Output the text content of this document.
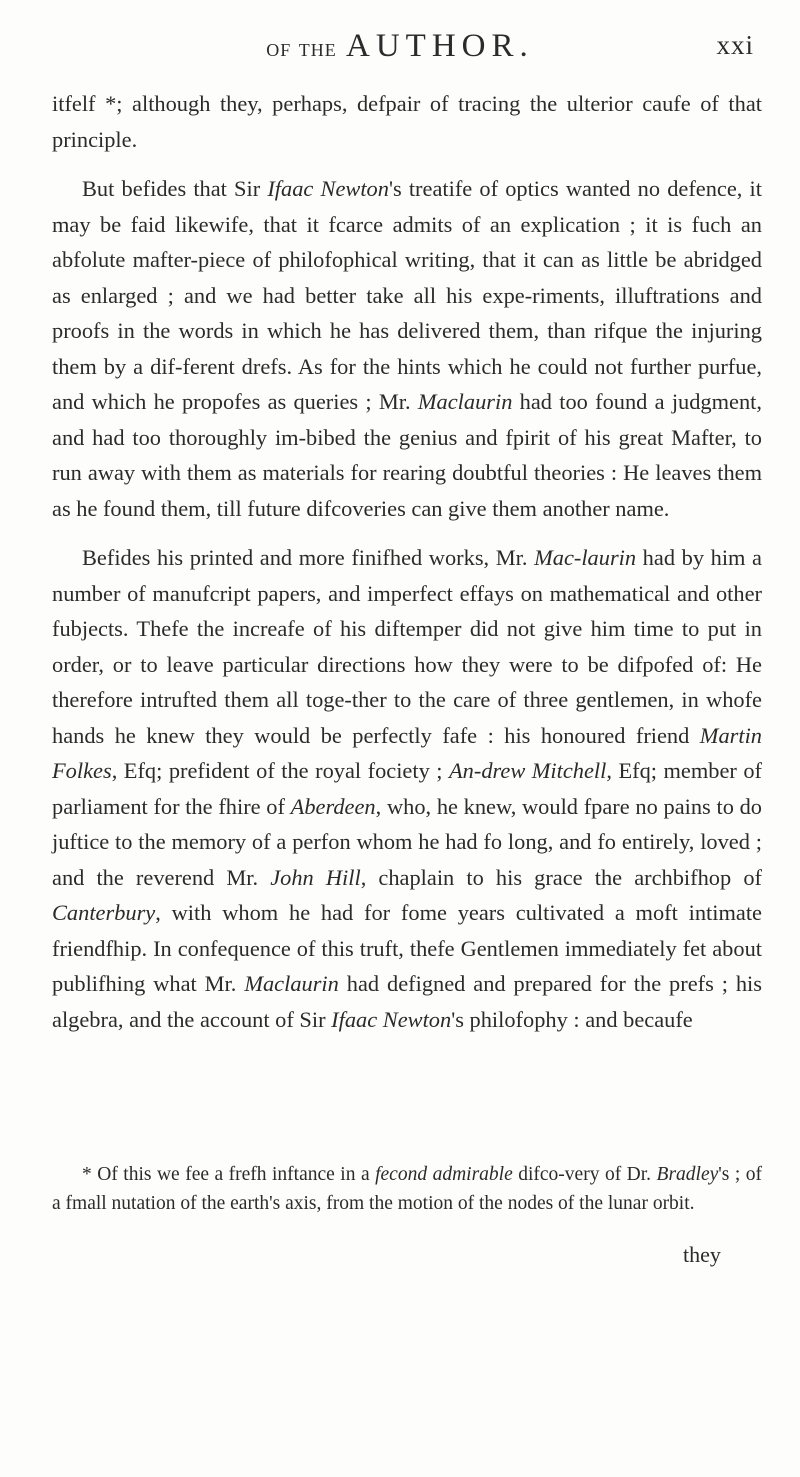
of the AUTHOR.	xxi

itfelf *; although they, perhaps, defpair of tracing the ulterior caufe of that principle.

But befides that Sir Ifaac Newton's treatife of optics wanted no defence, it may be faid likewife, that it fcarce admits of an explication ; it is fuch an abfolute mafter-piece of philofophical writing, that it can as little be abridged as enlarged ; and we had better take all his expe-riments, illuftrations and proofs in the words in which he has delivered them, than rifque the injuring them by a dif-ferent drefs. As for the hints which he could not further purfue, and which he propofes as queries ; Mr. Maclaurin had too found a judgment, and had too thoroughly im-bibed the genius and fpirit of his great Mafter, to run away with them as materials for rearing doubtful theories : He leaves them as he found them, till future difcoveries can give them another name.

Befides his printed and more finifhed works, Mr. Mac-laurin had by him a number of manufcript papers, and imperfect effays on mathematical and other fubjects. Thefe the increafe of his diftemper did not give him time to put in order, or to leave particular directions how they were to be difpofed of: He therefore intrufted them all toge-ther to the care of three gentlemen, in whofe hands he knew they would be perfectly fafe : his honoured friend Martin Folkes, Efq; prefident of the royal fociety ; An-drew Mitchell, Efq; member of parliament for the fhire of Aberdeen, who, he knew, would fpare no pains to do juftice to the memory of a perfon whom he had fo long, and fo entirely, loved ; and the reverend Mr. John Hill, chaplain to his grace the archbifhop of Canterbury, with whom he had for fome years cultivated a moft intimate friendfhip. In confequence of this truft, thefe Gentlemen immediately fet about publifhing what Mr. Maclaurin had defigned and prepared for the prefs ; his algebra, and the account of Sir Ifaac Newton's philofophy : and becaufe

* Of this we fee a frefh inftance in a fecond admirable difco-very of Dr. Bradley's ; of a fmall nutation of the earth's axis, from the motion of the nodes of the lunar orbit.
they
